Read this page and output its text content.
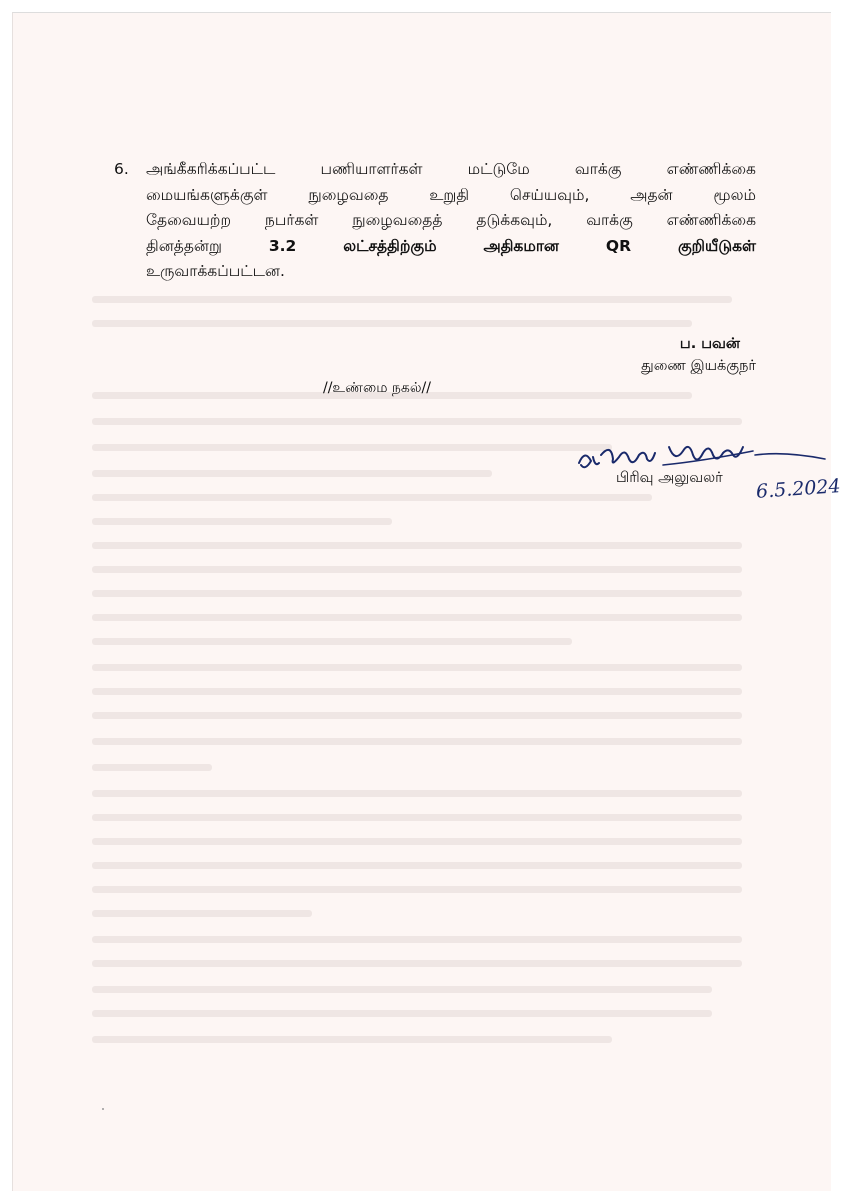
6. அங்கீகரிக்கப்பட்ட	பணியாளர்கள்	மட்டுமே	வாக்கு	எண்ணிக்கை
மையங்களுக்குள்	நுழைவதை	உறுதி	செய்யவும்,	அதன்	மூலம்
தேவையற்ற நபர்கள் நுழைவதைத் தடுக்கவும், வாக்கு எண்ணிக்கை
தினத்தன்று	3.2	லட்சத்திற்கும்	அதிகமான	QR	குறியீடுகள்
உருவாக்கப்பட்டன.
ப. பவன்
துணை இயக்குநர்
//உண்மை நகல்//
பிரிவு அலுவலர் 6.5.2024
